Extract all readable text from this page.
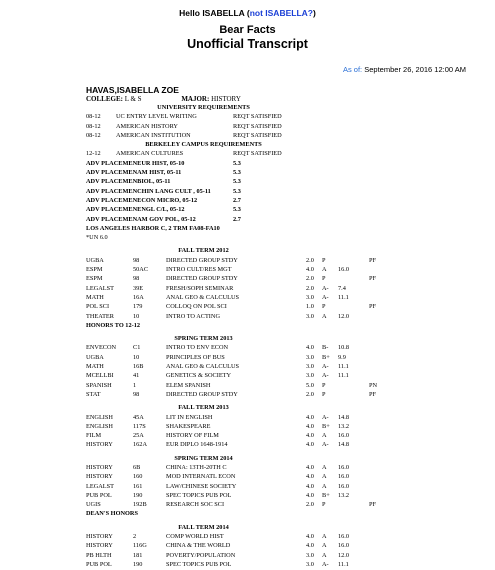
Hello ISABELLA (not ISABELLA?)
Bear Facts
Unofficial Transcript
As of: September 26, 2016 12:00 AM
HAVAS,ISABELLA ZOE
COLLEGE: L & S	MAJOR: HISTORY
UNIVERSITY REQUIREMENTS
08-12 UC ENTRY LEVEL WRITING	REQT SATISFIED
08-12 AMERICAN HISTORY	REQT SATISFIED
08-12 AMERICAN INSTITUTION	REQT SATISFIED
BERKELEY CAMPUS REQUIREMENTS
12-12 AMERICAN CULTURES	REQT SATISFIED
ADV PLACEMENEUR HIST, 05-10	5.3
ADV PLACEMENAM HIST, 05-11	5.3
ADV PLACEMENBIOL, 05-11	5.3
ADV PLACEMENCHIN LANG CULT , 05-11	5.3
ADV PLACEMENECON MICRO, 05-12	2.7
ADV PLACEMENENGL C/L, 05-12	5.3
ADV PLACEMENAM GOV POL, 05-12	2.7
LOS ANGELES HARBOR C, 2 TRM FA08-FA10
*UN 6.0
FALL TERM 2012
UGBA	98	DIRECTED GROUP STDY	2.0 P	PF
ESPM	50AC	INTRO CULT/RES MGT	4.0 A 16.0
ESPM	98	DIRECTED GROUP STDY	2.0 P	PF
LEGALST	39E	FRESH/SOPH SEMINAR	2.0 A- 7.4
MATH	16A	ANAL GEO & CALCULUS	3.0 A- 11.1
POL SCI	179	COLLOQ ON POL SCI	1.0 P	PF
THEATER	10	INTRO TO ACTING	3.0 A 12.0
HONORS TO 12-12
SPRING TERM 2013
ENVECON	C1	INTRO TO ENV ECON	4.0 B- 10.8
UGBA	10	PRINCIPLES OF BUS	3.0 B+ 9.9
MATH	16B	ANAL GEO & CALCULUS	3.0 A- 11.1
MCELLBI	41	GENETICS & SOCIETY	3.0 A- 11.1
SPANISH	1	ELEM SPANISH	5.0 P	PN
STAT	98	DIRECTED GROUP STDY	2.0 P	PF
FALL TERM 2013
ENGLISH	45A	LIT IN ENGLISH	4.0 A- 14.8
ENGLISH	117S	SHAKESPEARE	4.0 B+ 13.2
FILM	25A	HISTORY OF FILM	4.0 A 16.0
HISTORY	162A	EUR DIPLO 1648-1914	4.0 A- 14.8
SPRING TERM 2014
HISTORY	6B	CHINA: 13TH-20TH C	4.0 A 16.0
HISTORY	160	MOD INTERNATL ECON	4.0 A 16.0
LEGALST	161	LAW/CHINESE SOCIETY	4.0 A 16.0
PUB POL	190	SPEC TOPICS PUB POL	4.0 B+ 13.2
UGIS	192B	RESEARCH SOC SCI	2.0 P	PF
DEAN'S HONORS
FALL TERM 2014
HISTORY	2	COMP WORLD HIST	4.0 A 16.0
HISTORY	116G	CHINA & THE WORLD	4.0 A 16.0
PB HLTH	181	POVERTY/POPULATION	3.0 A 12.0
PUB POL	190	SPEC TOPICS PUB POL	3.0 A- 11.1
